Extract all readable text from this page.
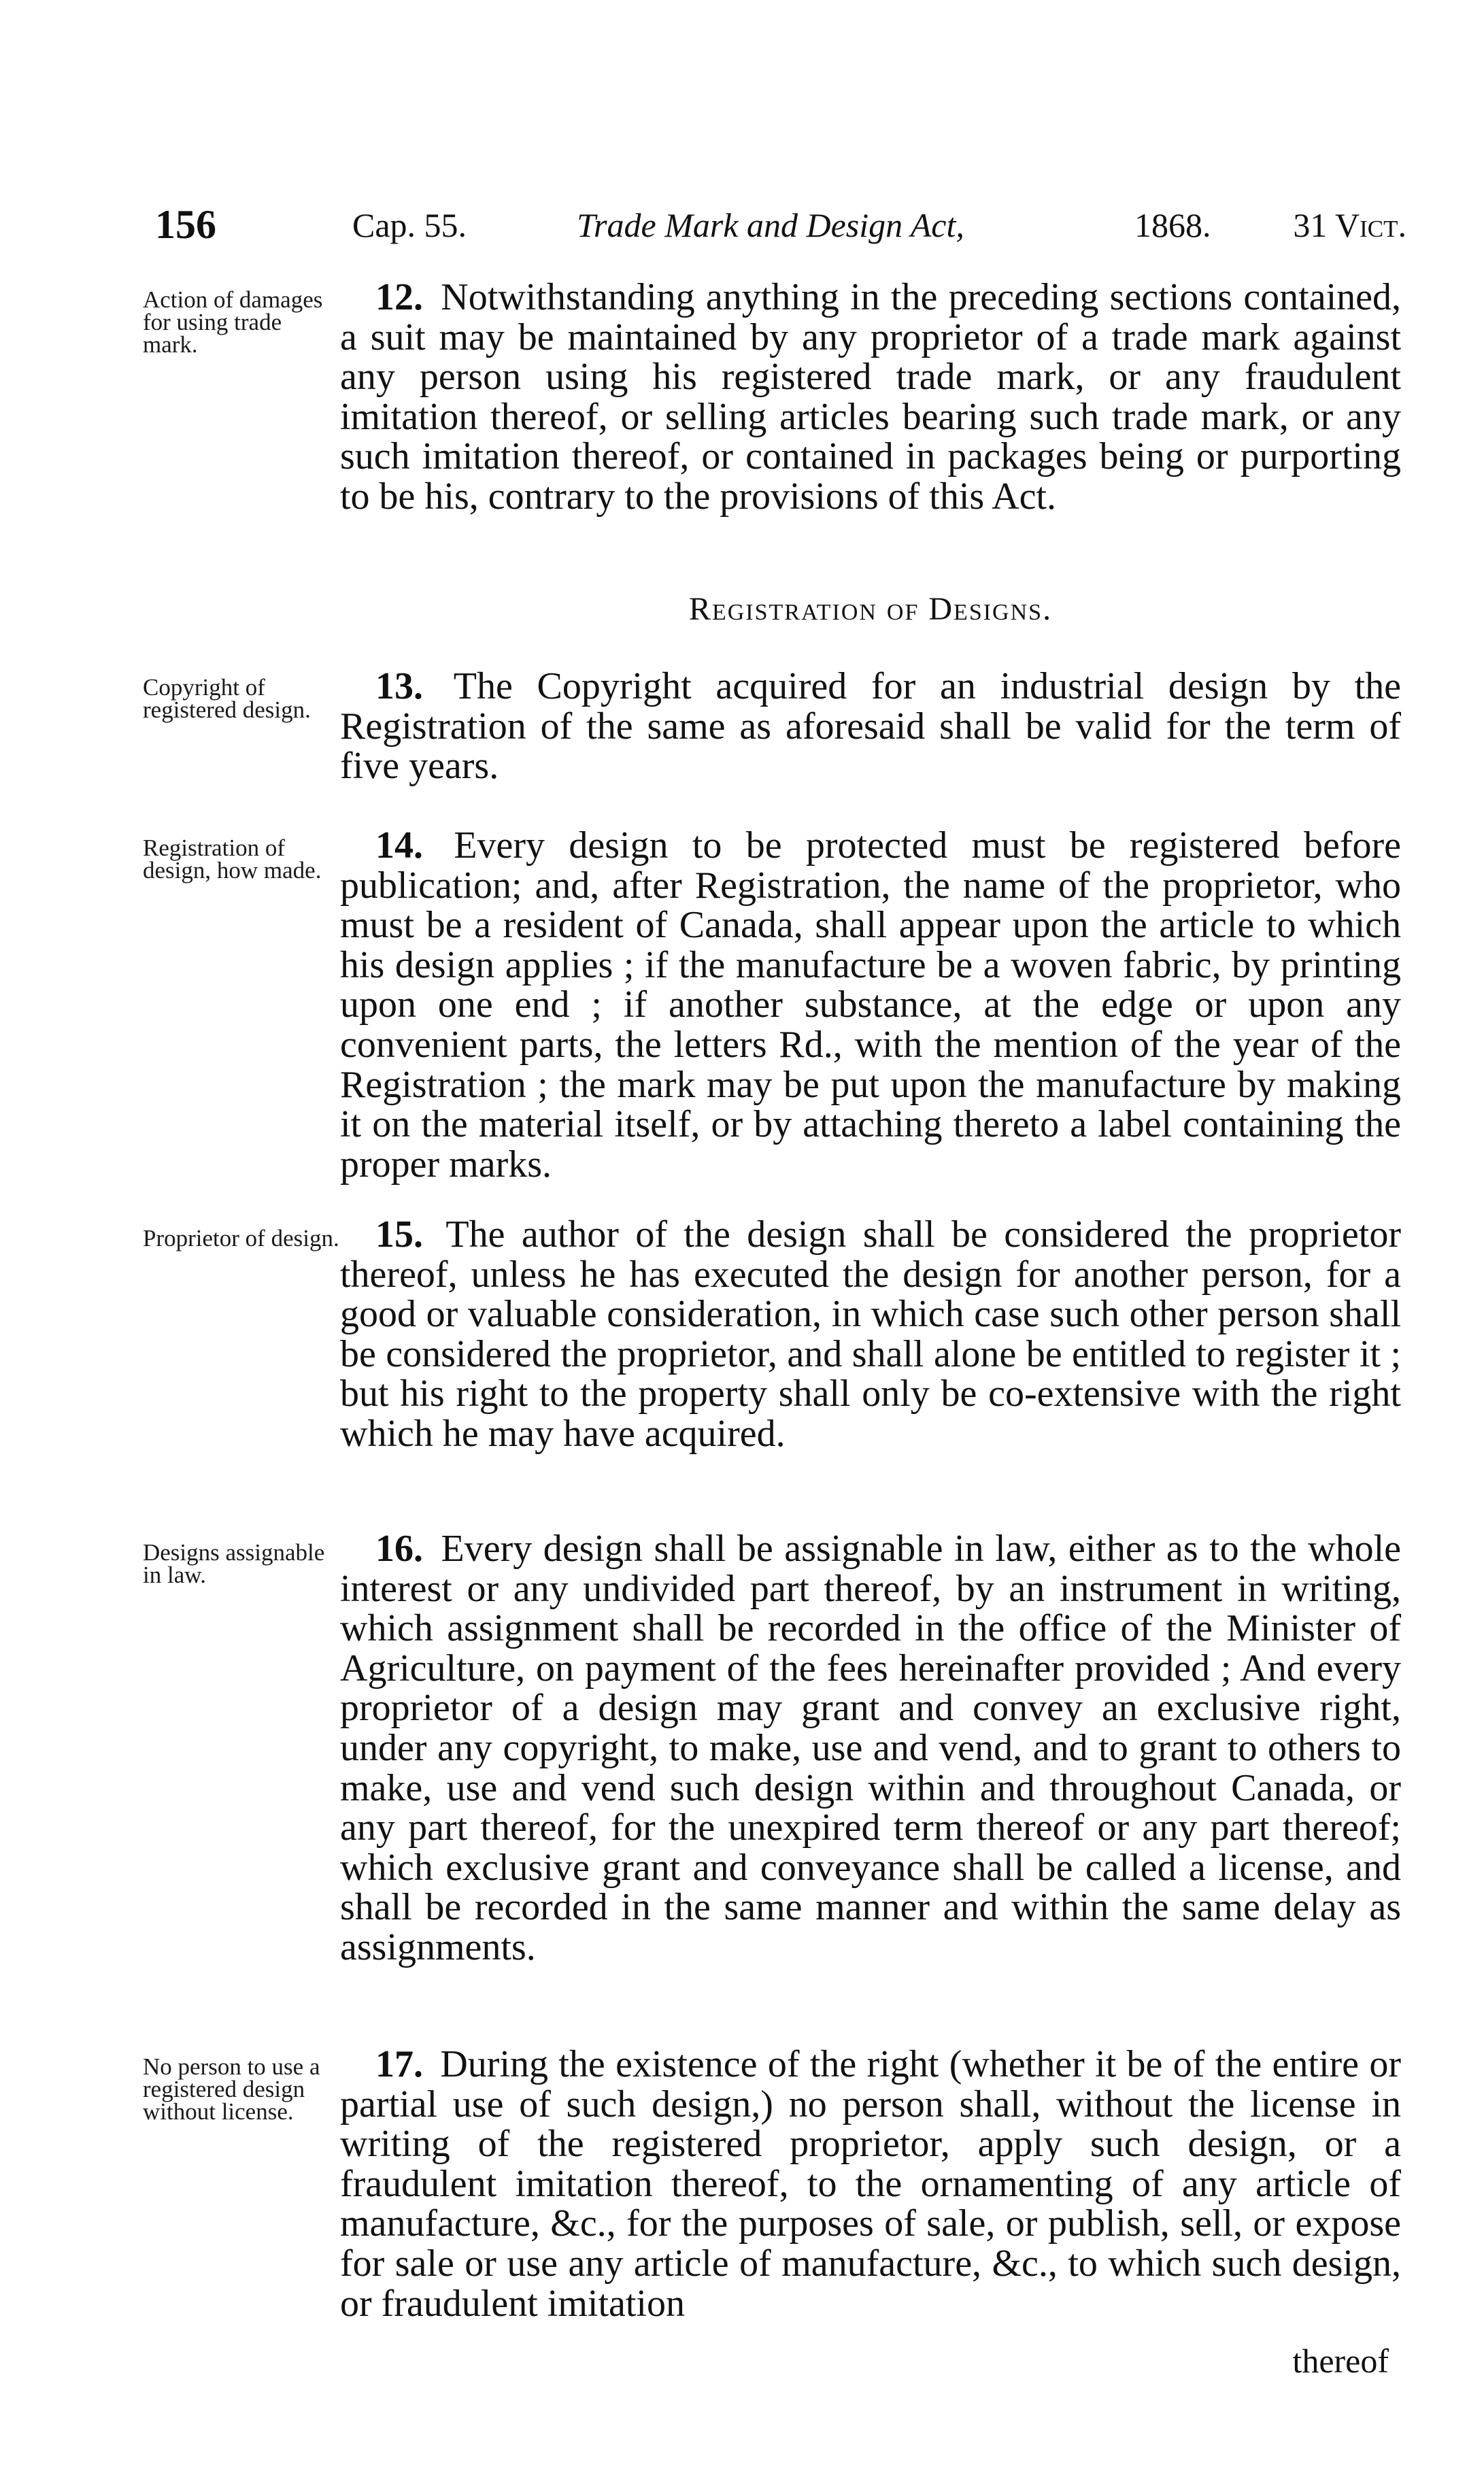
156	Cap. 55.	Trade Mark and Design Act,	1868. 31 Vict.
Action of damages for using trade mark.
12. Notwithstanding anything in the preceding sections contained, a suit may be maintained by any proprietor of a trade mark against any person using his registered trade mark, or any fraudulent imitation thereof, or selling articles bearing such trade mark, or any such imitation thereof, or contained in packages being or purporting to be his, contrary to the provisions of this Act.
Registration of Designs.
Copyright of registered design.
13. The Copyright acquired for an industrial design by the Registration of the same as aforesaid shall be valid for the term of five years.
Registration of design, how made.
14. Every design to be protected must be registered before publication; and, after Registration, the name of the proprietor, who must be a resident of Canada, shall appear upon the article to which his design applies ; if the manufacture be a woven fabric, by printing upon one end ; if another substance, at the edge or upon any convenient parts, the letters Rd., with the mention of the year of the Registration ; the mark may be put upon the manufacture by making it on the material itself, or by attaching thereto a label containing the proper marks.
Proprietor of design. 15. The author of the design shall be considered the proprietor thereof, unless he has executed the design for another person, for a good or valuable consideration, in which case such other person shall be considered the proprietor, and shall alone be entitled to register it ; but his right to the property shall only be co-extensive with the right which he may have acquired.
Designs assignable in law.
16. Every design shall be assignable in law, either as to the whole interest or any undivided part thereof, by an instrument in writing, which assignment shall be recorded in the office of the Minister of Agriculture, on payment of the fees hereinafter provided ; And every proprietor of a design may grant and convey an exclusive right, under any copyright, to make, use and vend, and to grant to others to make, use and vend such design within and throughout Canada, or any part thereof, for the unexpired term thereof or any part thereof; which exclusive grant and conveyance shall be called a license, and shall be recorded in the same manner and within the same delay as assignments.
No person to use a registered design without license.
17. During the existence of the right (whether it be of the entire or partial use of such design,) no person shall, without the license in writing of the registered proprietor, apply such design, or a fraudulent imitation thereof, to the ornamenting of any article of manufacture, &c., for the purposes of sale, or publish, sell, or expose for sale or use any article of manufacture, &c., to which such design, or fraudulent imitation
thereof
